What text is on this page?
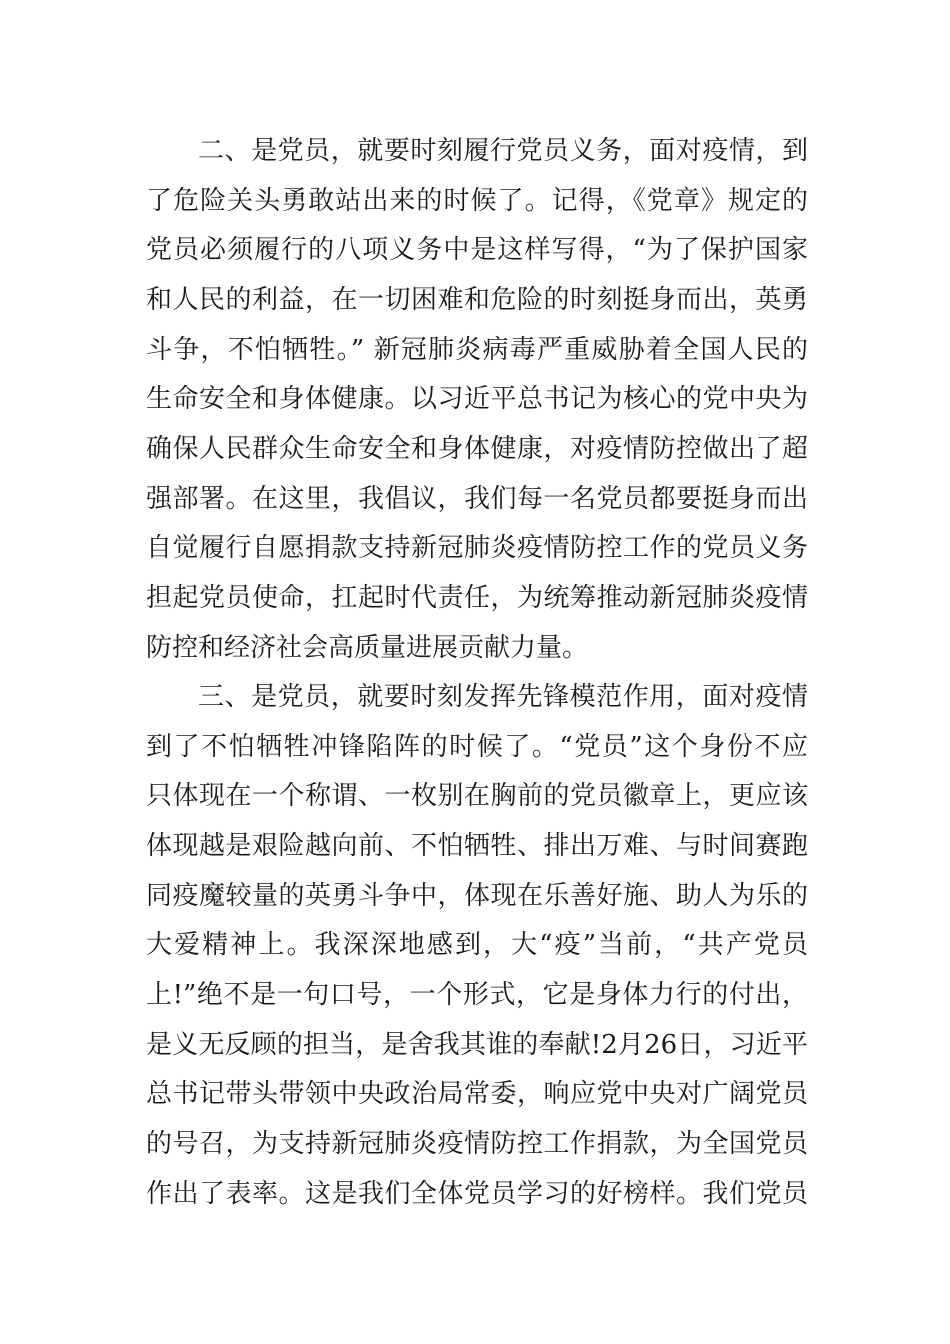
二、是党员，就要时刻履行党员义务，面对疫情，到
了危险关头勇敢站出来的时候了。记得，《党章》规定的
党员必须履行的八项义务中是这样写得，“为了保护国家
和人民的利益，在一切困难和危险的时刻挺身而出，英勇
斗争，不怕牺牲。” 新冠肺炎病毒严重威胁着全国人民的
生命安全和身体健康。以习近平总书记为核心的党中央为
确保人民群众生命安全和身体健康，对疫情防控做出了超
强部署。在这里，我倡议，我们每一名党员都要挺身而出
自觉履行自愿捐款支持新冠肺炎疫情防控工作的党员义务
担起党员使命，扛起时代责任，为统筹推动新冠肺炎疫情
防控和经济社会高质量进展贡献力量。
三、是党员，就要时刻发挥先锋模范作用，面对疫情
到了不怕牺牲冲锋陷阵的时候了。“党员”这个身份不应
只体现在一个称谓、一枚别在胸前的党员徽章上，更应该
体现越是艰险越向前、不怕牺牲、排出万难、与时间赛跑
同疫魔较量的英勇斗争中，体现在乐善好施、助人为乐的
大爱精神上。我深深地感到，大“疫”当前，“共产党员
上!”绝不是一句口号，一个形式，它是身体力行的付出，
是义无反顾的担当，是舍我其谁的奉献!2月26日，习近平
总书记带头带领中央政治局常委，响应党中央对广阔党员
的号召，为支持新冠肺炎疫情防控工作捐款，为全国党员
作出了表率。这是我们全体党员学习的好榜样。我们党员
